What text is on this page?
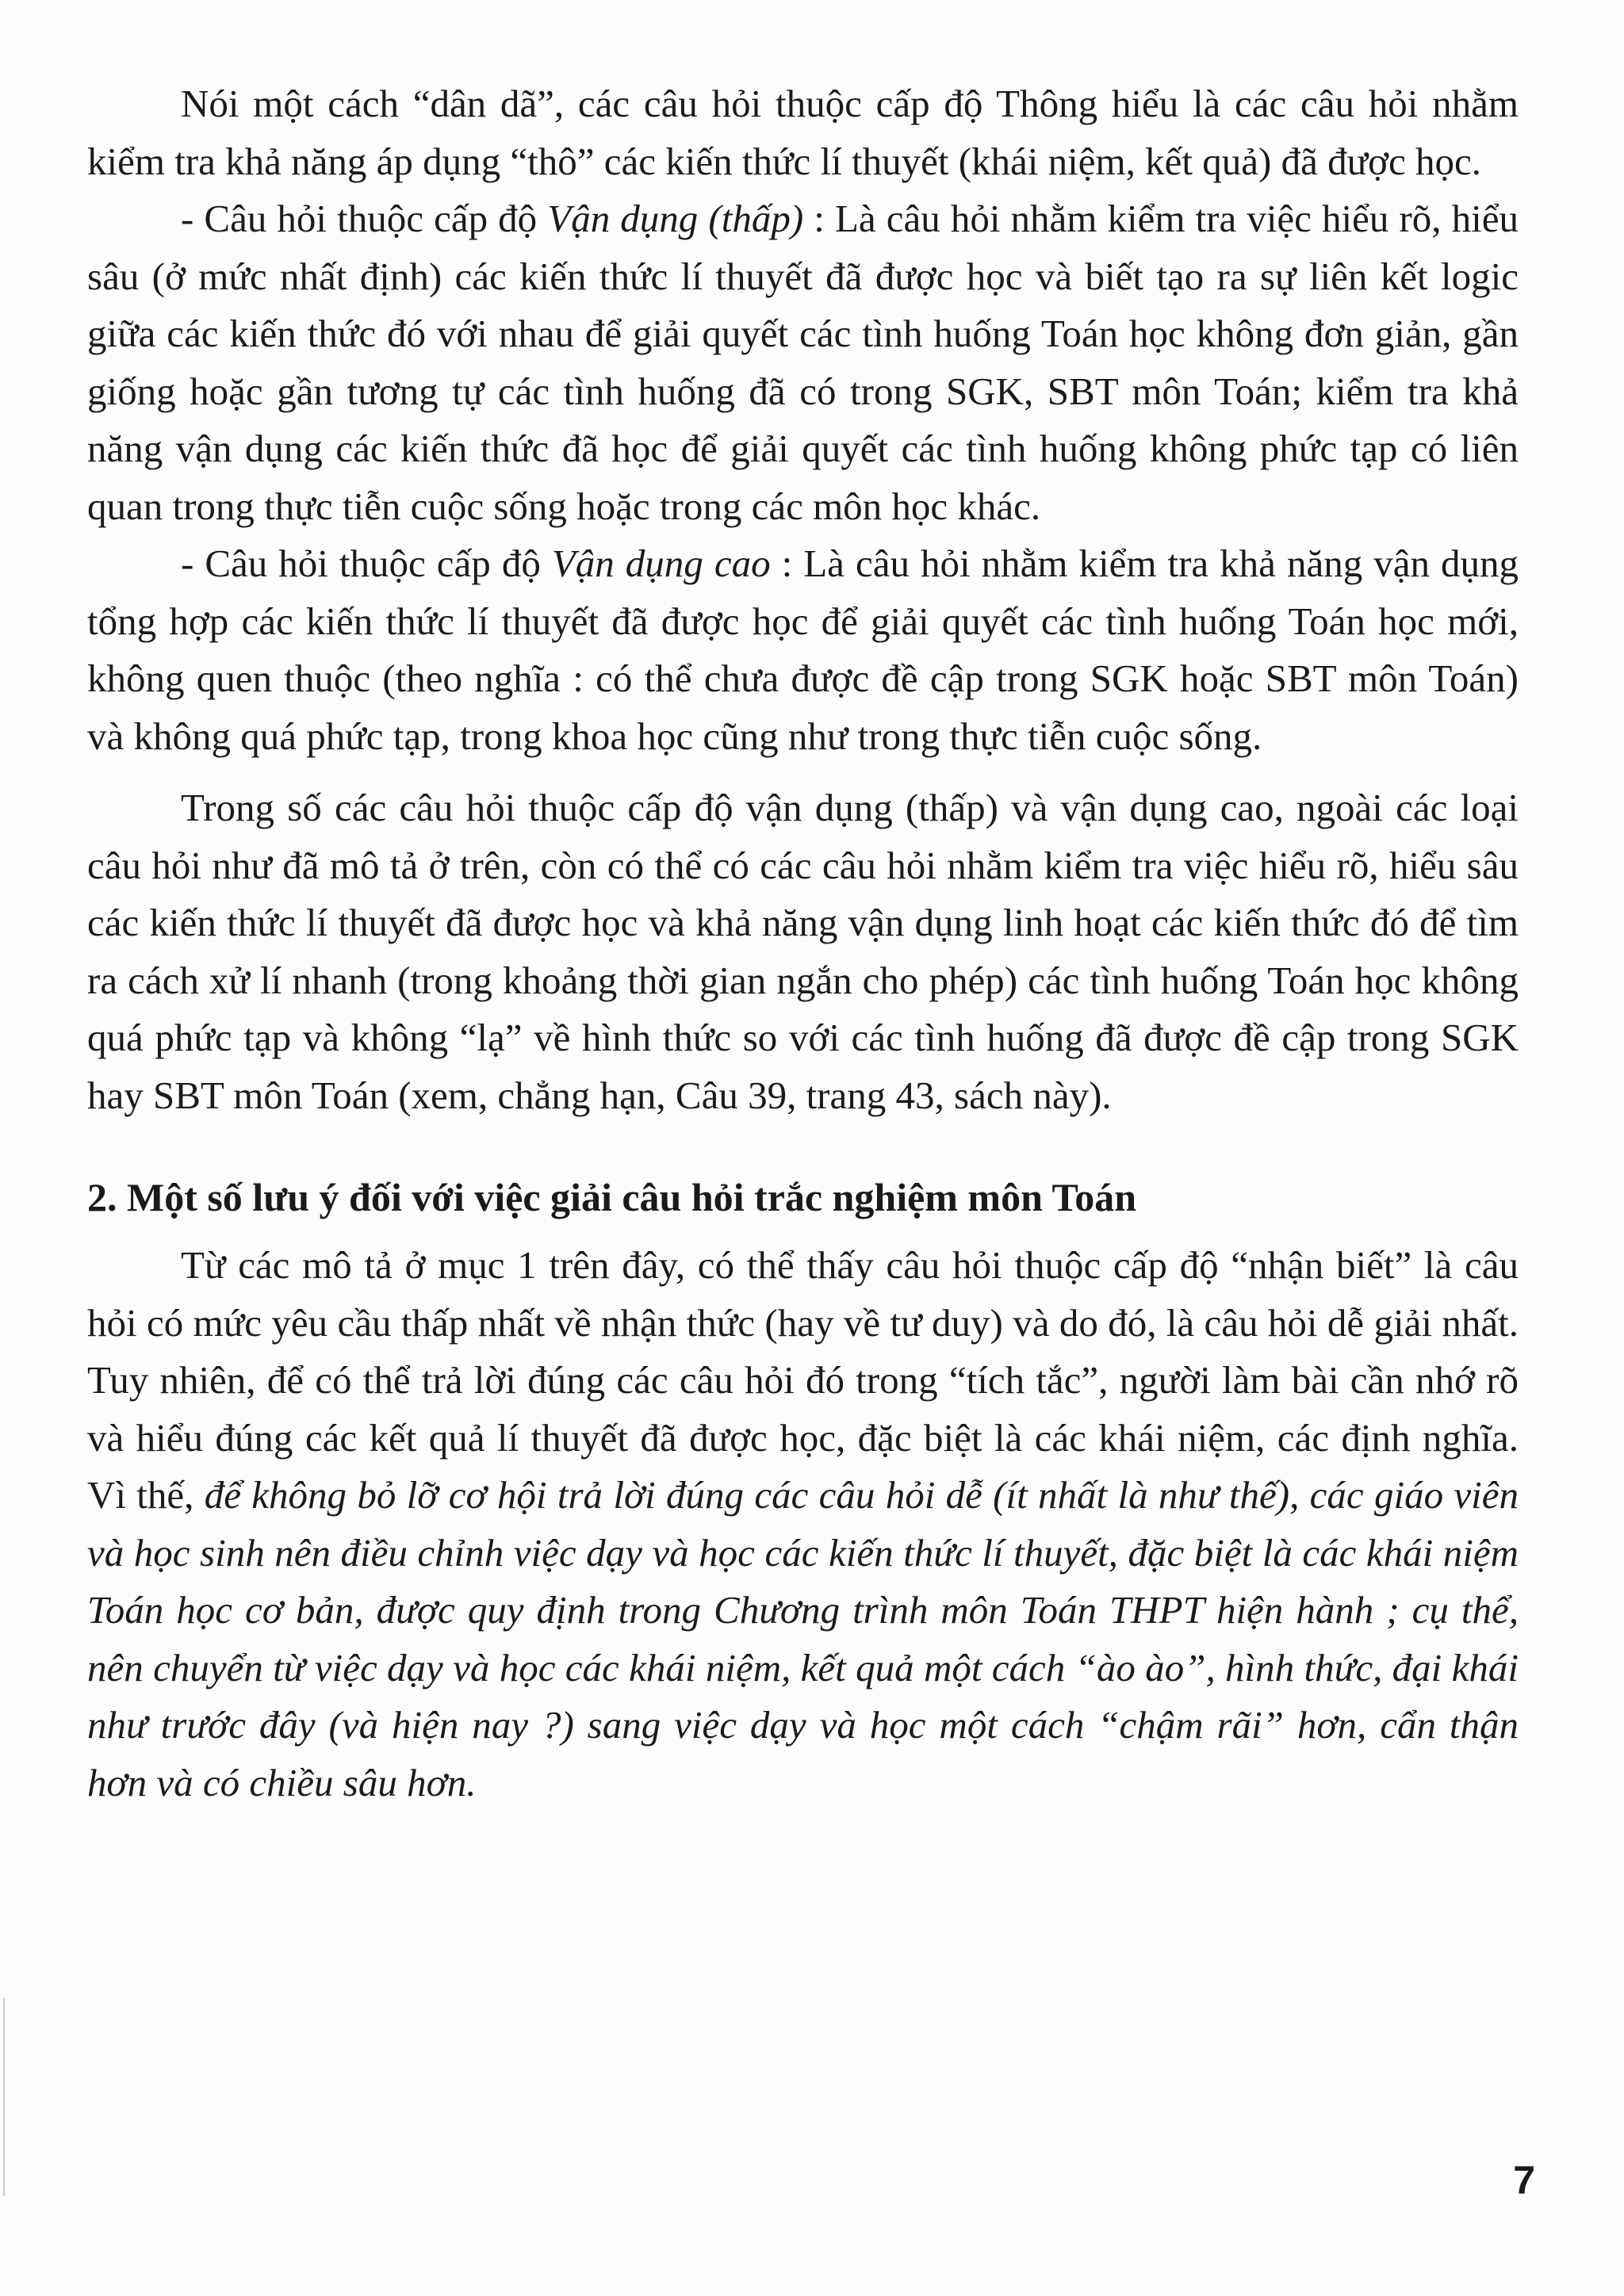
Nói một cách “dân dã”, các câu hỏi thuộc cấp độ Thông hiểu là các câu hỏi nhằm kiểm tra khả năng áp dụng “thô” các kiến thức lí thuyết (khái niệm, kết quả) đã được học.

- Câu hỏi thuộc cấp độ Vận dụng (thấp) : Là câu hỏi nhằm kiểm tra việc hiểu rõ, hiểu sâu (ở mức nhất định) các kiến thức lí thuyết đã được học và biết tạo ra sự liên kết logic giữa các kiến thức đó với nhau để giải quyết các tình huống Toán học không đơn giản, gần giống hoặc gần tương tự các tình huống đã có trong SGK, SBT môn Toán; kiểm tra khả năng vận dụng các kiến thức đã học để giải quyết các tình huống không phức tạp có liên quan trong thực tiễn cuộc sống hoặc trong các môn học khác.

- Câu hỏi thuộc cấp độ Vận dụng cao : Là câu hỏi nhằm kiểm tra khả năng vận dụng tổng hợp các kiến thức lí thuyết đã được học để giải quyết các tình huống Toán học mới, không quen thuộc (theo nghĩa : có thể chưa được đề cập trong SGK hoặc SBT môn Toán) và không quá phức tạp, trong khoa học cũng như trong thực tiễn cuộc sống.

Trong số các câu hỏi thuộc cấp độ vận dụng (thấp) và vận dụng cao, ngoài các loại câu hỏi như đã mô tả ở trên, còn có thể có các câu hỏi nhằm kiểm tra việc hiểu rõ, hiểu sâu các kiến thức lí thuyết đã được học và khả năng vận dụng linh hoạt các kiến thức đó để tìm ra cách xử lí nhanh (trong khoảng thời gian ngắn cho phép) các tình huống Toán học không quá phức tạp và không “lạ” về hình thức so với các tình huống đã được đề cập trong SGK hay SBT môn Toán (xem, chẳng hạn, Câu 39, trang 43, sách này).

2. Một số lưu ý đối với việc giải câu hỏi trắc nghiệm môn Toán

Từ các mô tả ở mục 1 trên đây, có thể thấy câu hỏi thuộc cấp độ “nhận biết” là câu hỏi có mức yêu cầu thấp nhất về nhận thức (hay về tư duy) và do đó, là câu hỏi dễ giải nhất. Tuy nhiên, để có thể trả lời đúng các câu hỏi đó trong “tích tắc”, người làm bài cần nhớ rõ và hiểu đúng các kết quả lí thuyết đã được học, đặc biệt là các khái niệm, các định nghĩa. Vì thế, để không bỏ lỡ cơ hội trả lời đúng các câu hỏi dễ (ít nhất là như thế), các giáo viên và học sinh nên điều chỉnh việc dạy và học các kiến thức lí thuyết, đặc biệt là các khái niệm Toán học cơ bản, được quy định trong Chương trình môn Toán THPT hiện hành ; cụ thể, nên chuyển từ việc dạy và học các khái niệm, kết quả một cách “ào ào”, hình thức, đại khái như trước đây (và hiện nay ?) sang việc dạy và học một cách “chậm rãi” hơn, cẩn thận hơn và có chiều sâu hơn.

7
